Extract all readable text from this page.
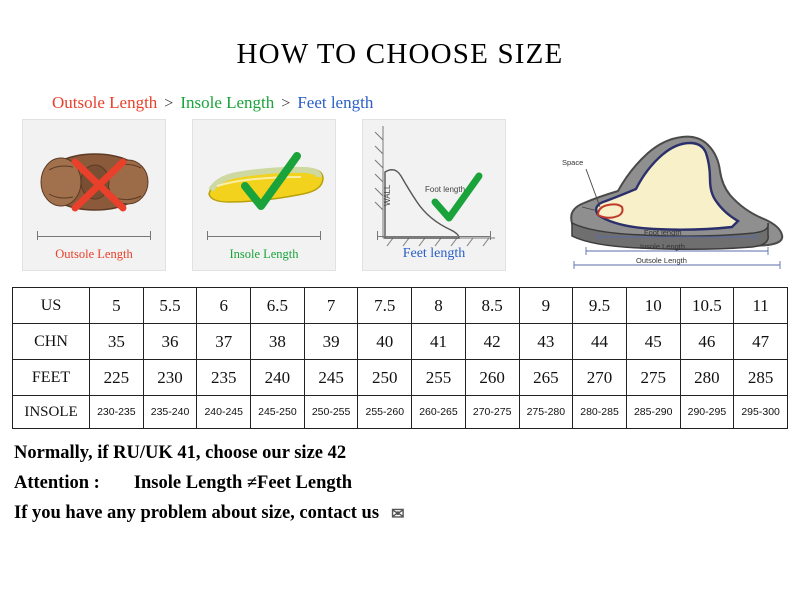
HOW TO CHOOSE SIZE
Outsole Length > Insole Length > Feet length
Outsole Length	Insole Length
WALL	Foot length
Feet length
Space
Foot length
Insole Length
Outsole Length
US	5	5.5	6	6.5	7	7.5	8	8.5	9	9.5	10	10.5	11
CHN	35	36	37	38	39	40	41	42	43	44	45	46	47
FEET	225	230	235	240	245	250	255	260	265	270	275	280	285
INSOLE	230-235	235-240	240-245	245-250	250-255	255-260	260-265	270-275	275-280	280-285	285-290	290-295	295-300
Normally, if RU/UK 41, choose our size 42
Attention : Insole Length ≠Feet Length
If you have any problem about size, contact us ✉
